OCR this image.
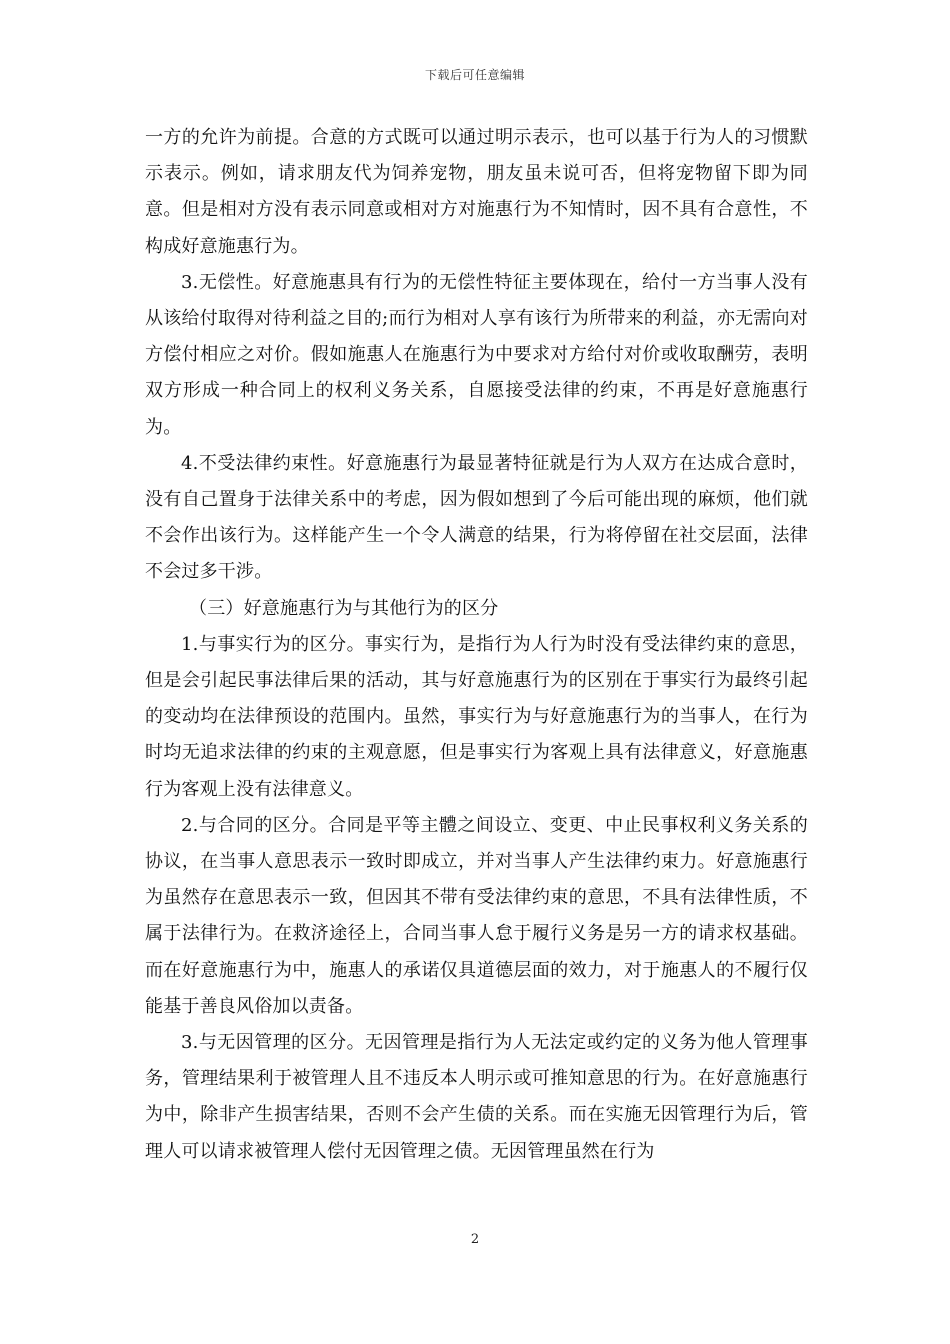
下载后可任意编辑

一方的允许为前提。合意的方式既可以通过明示表示，也可以基于行为人的习惯默示表示。例如，请求朋友代为饲养宠物，朋友虽未说可否，但将宠物留下即为同意。但是相对方没有表示同意或相对方对施惠行为不知情时，因不具有合意性，不构成好意施惠行为。

3.无偿性。好意施惠具有行为的无偿性特征主要体现在，给付一方当事人没有从该给付取得对待利益之目的;而行为相对人享有该行为所带来的利益，亦无需向对方偿付相应之对价。假如施惠人在施惠行为中要求对方给付对价或收取酬劳，表明双方形成一种合同上的权利义务关系，自愿接受法律的约束，不再是好意施惠行为。

4.不受法律约束性。好意施惠行为最显著特征就是行为人双方在达成合意时，没有自己置身于法律关系中的考虑，因为假如想到了今后可能出现的麻烦，他们就不会作出该行为。这样能产生一个令人满意的结果，行为将停留在社交层面，法律不会过多干涉。

（三）好意施惠行为与其他行为的区分

1.与事实行为的区分。事实行为，是指行为人行为时没有受法律约束的意思，但是会引起民事法律后果的活动，其与好意施惠行为的区别在于事实行为最终引起的变动均在法律预设的范围内。虽然，事实行为与好意施惠行为的当事人，在行为时均无追求法律的约束的主观意愿，但是事实行为客观上具有法律意义，好意施惠行为客观上没有法律意义。

2.与合同的区分。合同是平等主體之间设立、变更、中止民事权利义务关系的协议，在当事人意思表示一致时即成立，并对当事人产生法律约束力。好意施惠行为虽然存在意思表示一致，但因其不带有受法律约束的意思，不具有法律性质，不属于法律行为。在救济途径上，合同当事人怠于履行义务是另一方的请求权基础。而在好意施惠行为中，施惠人的承诺仅具道德层面的效力，对于施惠人的不履行仅能基于善良风俗加以责备。

3.与无因管理的区分。无因管理是指行为人无法定或约定的义务为他人管理事务，管理结果利于被管理人且不违反本人明示或可推知意思的行为。在好意施惠行为中，除非产生损害结果，否则不会产生债的关系。而在实施无因管理行为后，管理人可以请求被管理人偿付无因管理之债。无因管理虽然在行为

2
